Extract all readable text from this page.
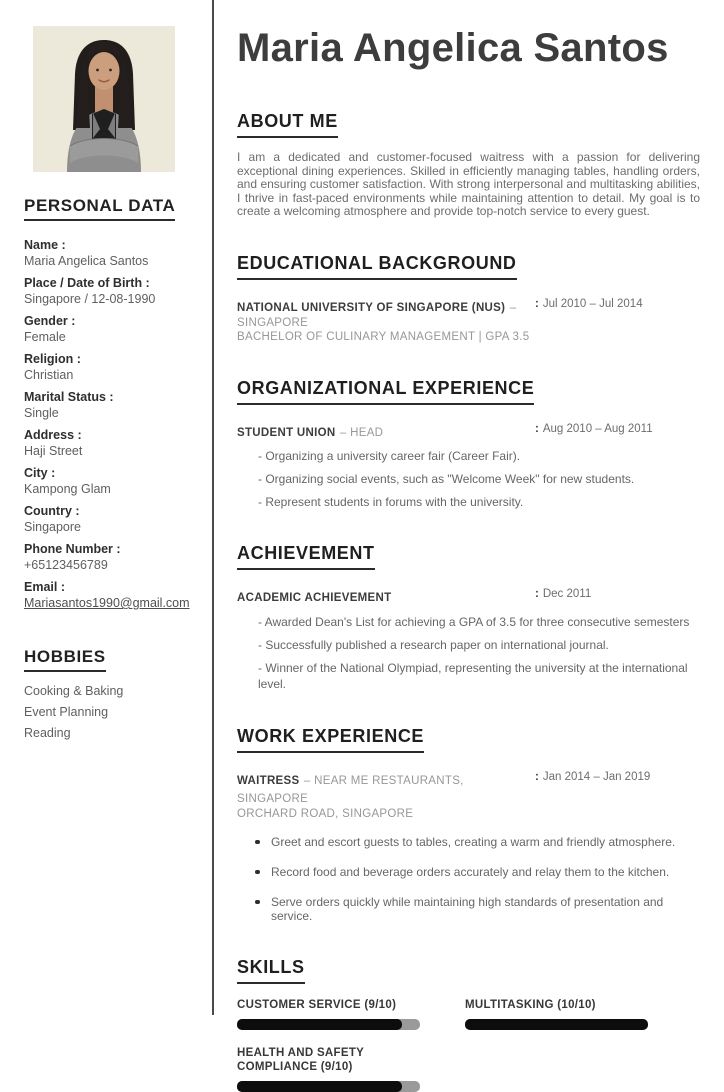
PERSONAL DATA
Name :
Maria Angelica Santos
Place / Date of Birth :
Singapore / 12-08-1990
Gender :
Female
Religion :
Christian
Marital Status :
Single
Address :
Haji Street
City :
Kampong Glam
Country :
Singapore
Phone Number :
+65123456789
Email :
Mariasantos1990@gmail.com
HOBBIES
Cooking & Baking
Event Planning
Reading
Maria Angelica Santos
ABOUT ME

I am a dedicated and customer-focused waitress with a passion for delivering exceptional dining experiences. Skilled in efficiently managing tables, handling orders, and ensuring customer satisfaction. With strong interpersonal and multitasking abilities, I thrive in fast-paced environments while maintaining attention to detail. My goal is to create a welcoming atmosphere and provide top-notch service to every guest.

EDUCATIONAL BACKGROUND
NATIONAL UNIVERSITY OF SINGAPORE (NUS) –
SINGAPORE
BACHELOR OF CULINARY MANAGEMENT | GPA 3.5
: Jul 2010 – Jul 2014
ORGANIZATIONAL EXPERIENCE
STUDENT UNION – HEAD	: Aug 2010 – Aug 2011
- Organizing a university career fair (Career Fair).
- Organizing social events, such as "Welcome Week" for new students.
- Represent students in forums with the university.
ACHIEVEMENT
ACADEMIC ACHIEVEMENT	: Dec 2011
- Awarded Dean's List for achieving a GPA of 3.5 for three consecutive semesters
- Successfully published a research paper on international journal.
- Winner of the National Olympiad, representing the university at the international level.
WORK EXPERIENCE
WAITRESS – NEAR ME RESTAURANTS, SINGAPORE
ORCHARD ROAD, SINGAPORE
: Jan 2014 – Jan 2019
Greet and escort guests to tables, creating a warm and friendly atmosphere.
Record food and beverage orders accurately and relay them to the kitchen.
Serve orders quickly while maintaining high standards of presentation and service.
SKILLS
CUSTOMER SERVICE (9/10)	MULTITASKING (10/10)
HEALTH AND SAFETY COMPLIANCE (9/10)
